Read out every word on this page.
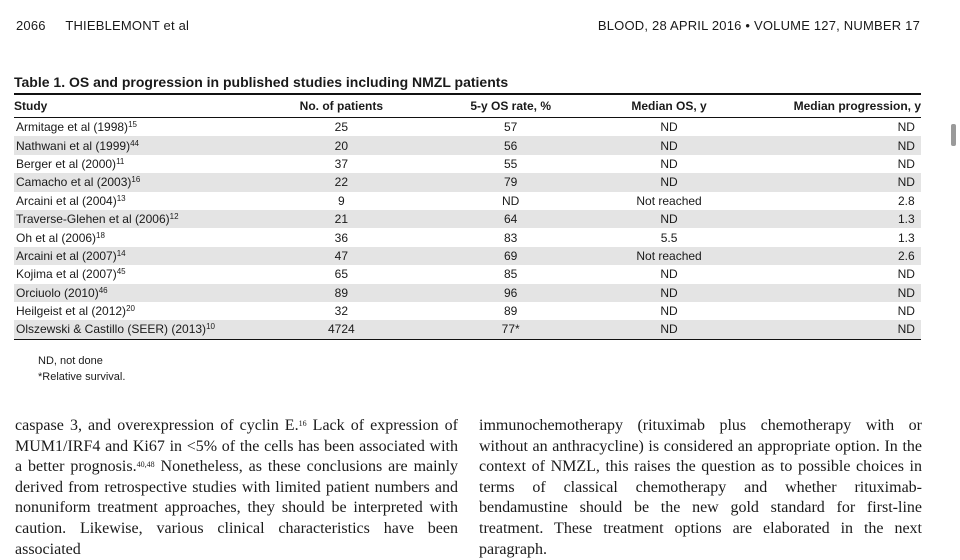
2066 THIEBLEMONT et al	BLOOD, 28 APRIL 2016 • VOLUME 127, NUMBER 17
Table 1. OS and progression in published studies including NMZL patients
Study	No. of patients	5-y OS rate, %	Median OS, y	Median progression, y
Armitage et al $(1998)^{15}$	25	57	ND	ND
Nathwani et al $(1999)^{44}$	20	56	ND	ND
Berger et al $(2000)^{11}$	37	55	ND	ND
Camacho et al $(2003)^{16}$	22	79	ND	ND
Arcaini et al $(2004)^{13}$	9	ND	Not reached	2.8
Traverse-Glehen et al $(2006)^{12}$	21	64	ND	1.3
Oh et al $(2006)^{18}$	36	83	5.5	1.3
Arcaini et al $(2007)^{14}$	47	69	Not reached	2.6
Kojima et al $(2007)^{45}$	65	85	ND	ND
Orciuolo $(2010)^{46}$	89	96	ND	ND
Heilgeist et al $(2012)^{20}$	32	89	ND	ND
Olszewski & Castillo (SEER) $(2013)^{10}$	4724	77*	ND	ND
ND, not done
*Relative survival.

caspase 3, and overexpression of cyclin E.$^{16}$ Lack of expression of MUM1/IRF4 and Ki67 in <5% of the cells has been associated with a better prognosis.$^{40,48}$ Nonetheless, as these conclusions are mainly derived from retrospective studies with limited patient numbers and nonuniform treatment approaches, they should be interpreted with caution. Likewise, various clinical characteristics have been associated

immunochemotherapy (rituximab plus chemotherapy with or without an anthracycline) is considered an appropriate option. In the context of NMZL, this raises the question as to possible choices in terms of classical chemotherapy and whether rituximab-bendamustine should be the new gold standard for first-line treatment. These treatment options are elaborated in the next paragraph.
